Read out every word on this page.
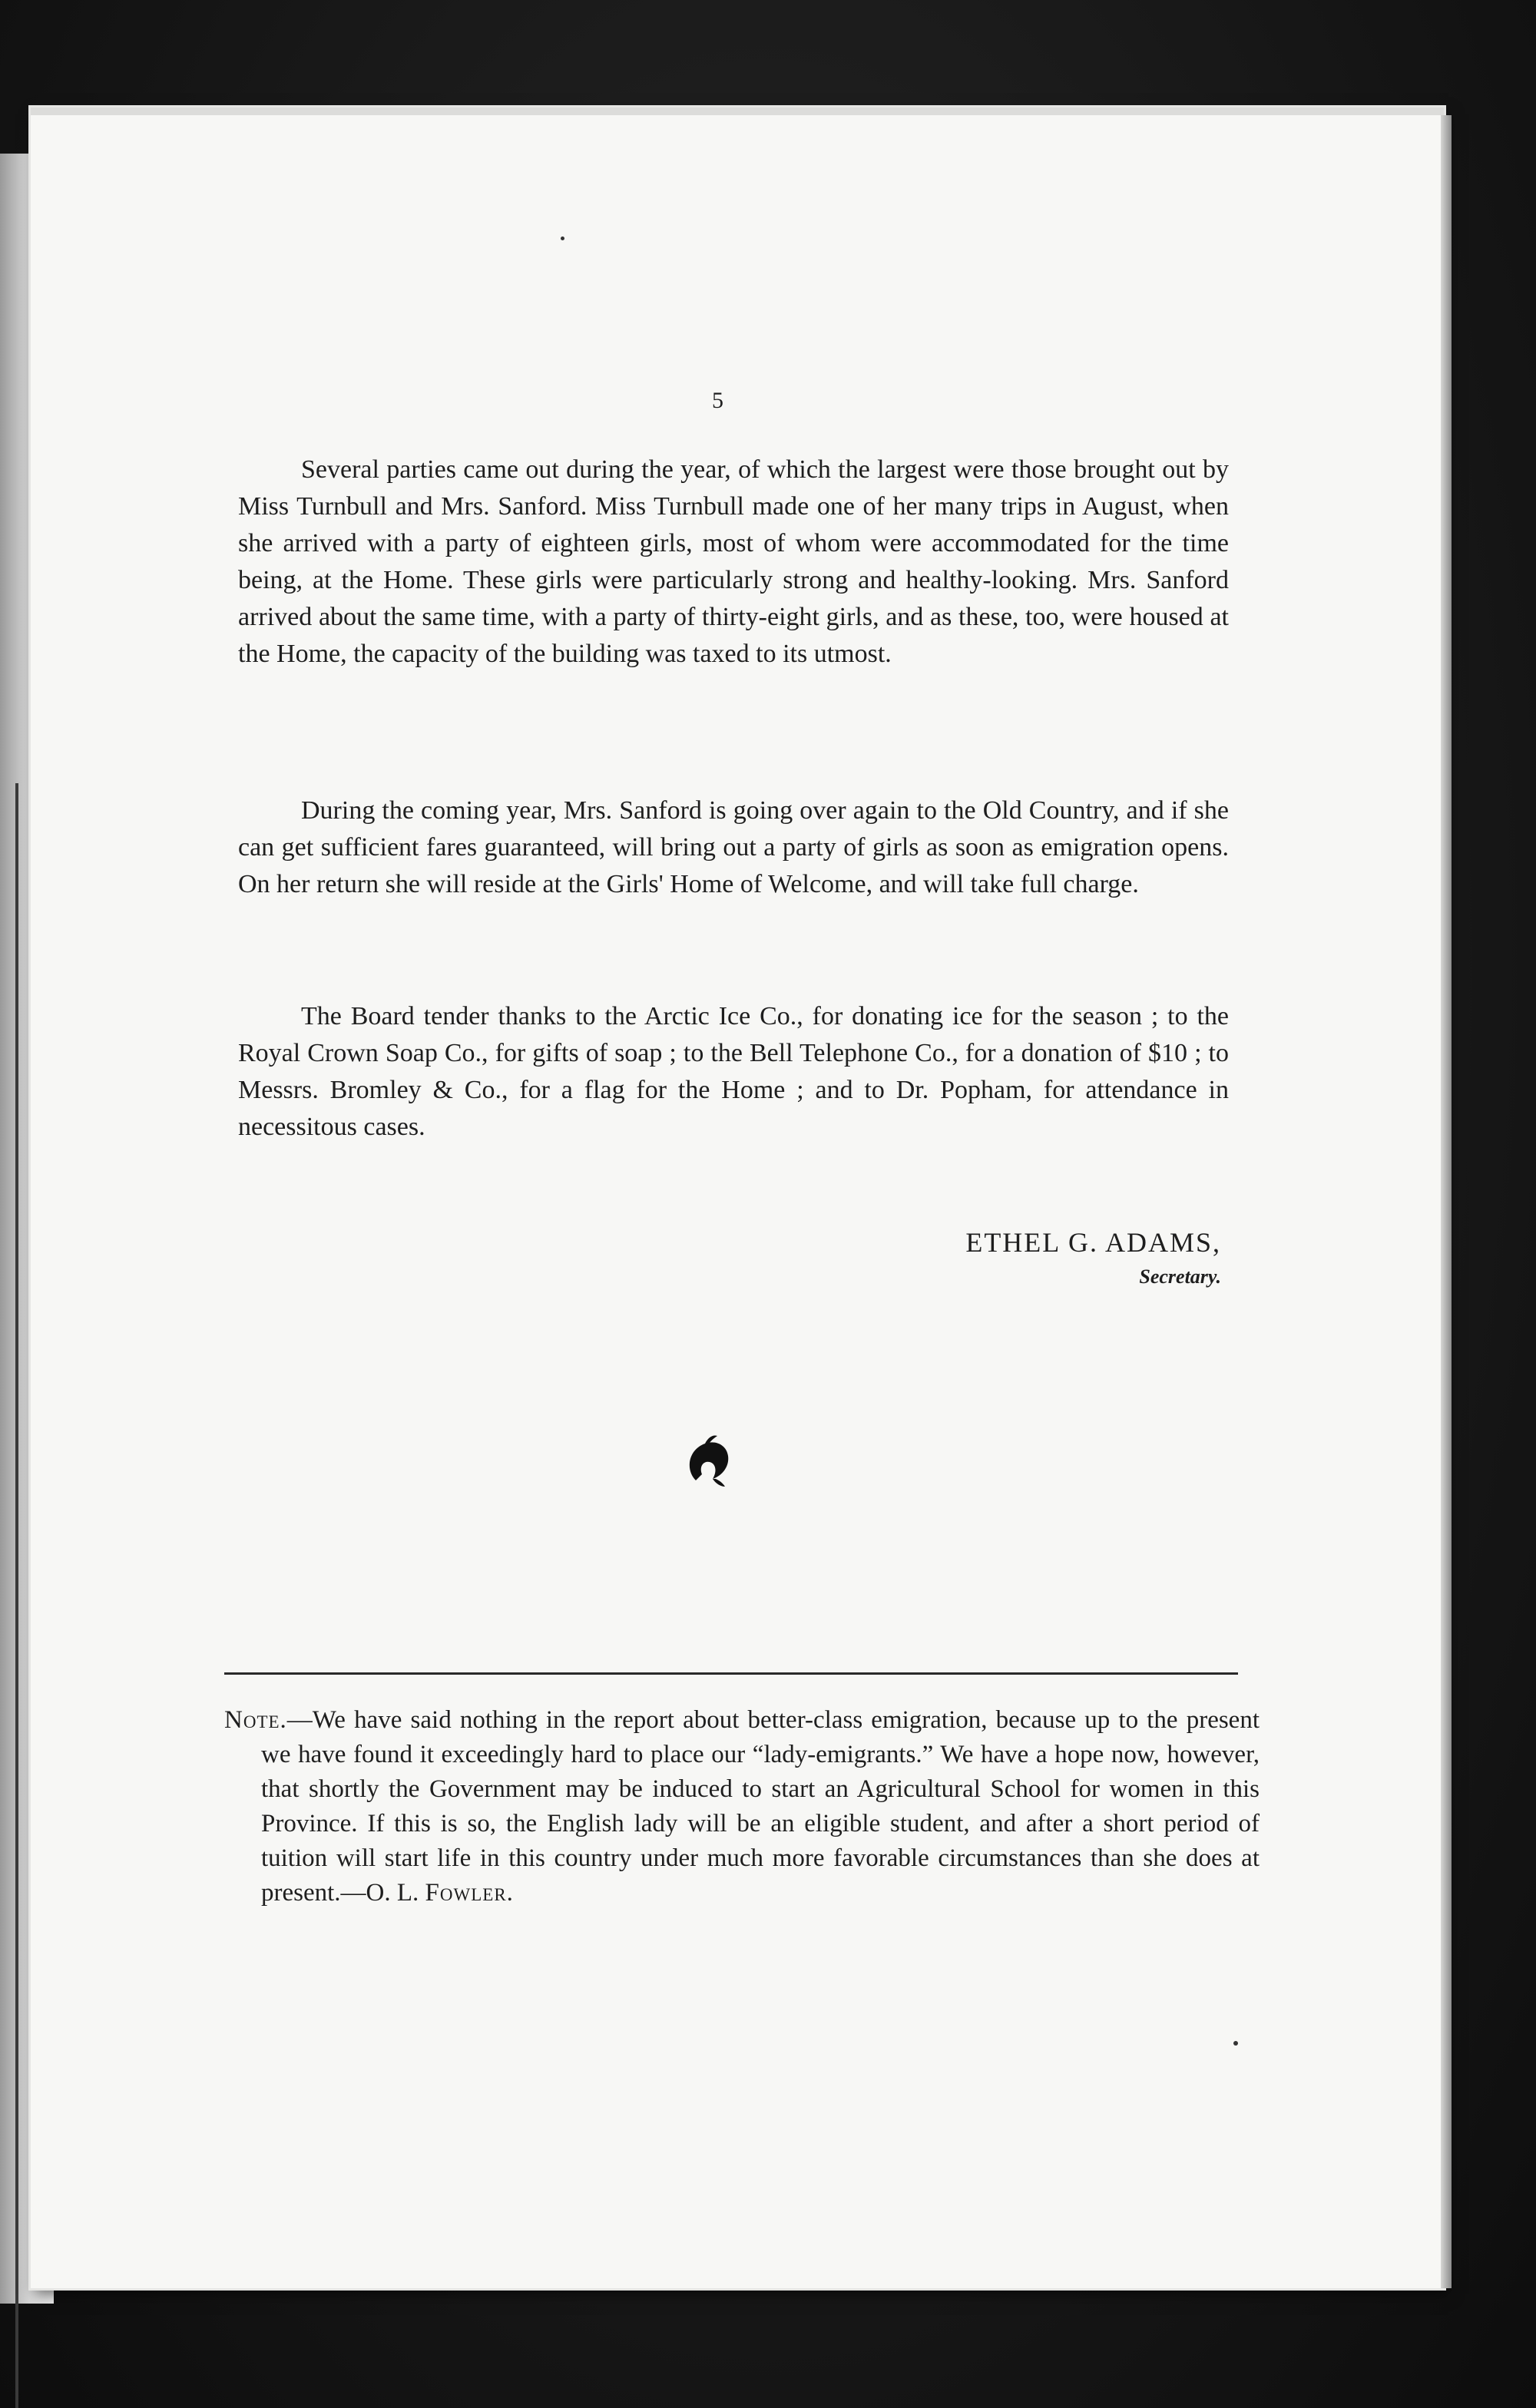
5

Several parties came out during the year, of which the largest were those brought out by Miss Turnbull and Mrs. Sanford. Miss Turnbull made one of her many trips in August, when she arrived with a party of eighteen girls, most of whom were accommodated for the time being, at the Home. These girls were particularly strong and healthy-looking. Mrs. Sanford arrived about the same time, with a party of thirty-eight girls, and as these, too, were housed at the Home, the capacity of the building was taxed to its utmost.

During the coming year, Mrs. Sanford is going over again to the Old Country, and if she can get sufficient fares guaranteed, will bring out a party of girls as soon as emigration opens. On her return she will reside at the Girls' Home of Welcome, and will take full charge.

The Board tender thanks to the Arctic Ice Co., for donating ice for the season ; to the Royal Crown Soap Co., for gifts of soap ; to the Bell Telephone Co., for a donation of $10 ; to Messrs. Bromley & Co., for a flag for the Home ; and to Dr. Popham, for attendance in necessitous cases.

ETHEL G. ADAMS,
Secretary.

Note.—We have said nothing in the report about better-class emigration, because up to the present we have found it exceedingly hard to place our “lady-emigrants.” We have a hope now, however, that shortly the Government may be induced to start an Agricultural School for women in this Province. If this is so, the English lady will be an eligible student, and after a short period of tuition will start life in this country under much more favorable circumstances than she does at present.—O. L. Fowler.
